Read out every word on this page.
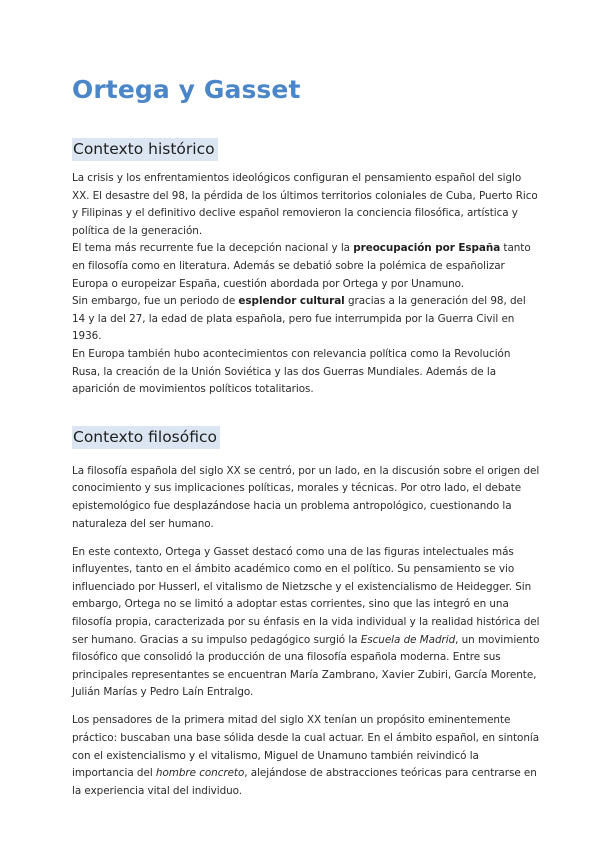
Ortega y Gasset
Contexto histórico

La crisis y los enfrentamientos ideológicos configuran el pensamiento español del siglo XX. El desastre del 98, la pérdida de los últimos territorios coloniales de Cuba, Puerto Rico y Filipinas y el definitivo declive español removieron la conciencia filosófica, artística y política de la generación.

El tema más recurrente fue la decepción nacional y la preocupación por España tanto en filosofía como en literatura. Además se debatió sobre la polémica de españolizar Europa o europeizar España, cuestión abordada por Ortega y por Unamuno.

Sin embargo, fue un periodo de esplendor cultural gracias a la generación del 98, del 14 y la del 27, la edad de plata española, pero fue interrumpida por la Guerra Civil en 1936.

En Europa también hubo acontecimientos con relevancia política como la Revolución Rusa, la creación de la Unión Soviética y las dos Guerras Mundiales. Además de la aparición de movimientos políticos totalitarios.

Contexto filosófico

La filosofía española del siglo XX se centró, por un lado, en la discusión sobre el origen del conocimiento y sus implicaciones políticas, morales y técnicas. Por otro lado, el debate epistemológico fue desplazándose hacia un problema antropológico, cuestionando la naturaleza del ser humano.

En este contexto, Ortega y Gasset destacó como una de las figuras intelectuales más influyentes, tanto en el ámbito académico como en el político. Su pensamiento se vio influenciado por Husserl, el vitalismo de Nietzsche y el existencialismo de Heidegger. Sin embargo, Ortega no se limitó a adoptar estas corrientes, sino que las integró en una filosofía propia, caracterizada por su énfasis en la vida individual y la realidad histórica del ser humano. Gracias a su impulso pedagógico surgió la Escuela de Madrid, un movimiento filosófico que consolidó la producción de una filosofía española moderna. Entre sus principales representantes se encuentran María Zambrano, Xavier Zubiri, García Morente, Julián Marías y Pedro Laín Entralgo.

Los pensadores de la primera mitad del siglo XX tenían un propósito eminentemente práctico: buscaban una base sólida desde la cual actuar. En el ámbito español, en sintonía con el existencialismo y el vitalismo, Miguel de Unamuno también reivindicó la importancia del hombre concreto, alejándose de abstracciones teóricas para centrarse en la experiencia vital del individuo.
